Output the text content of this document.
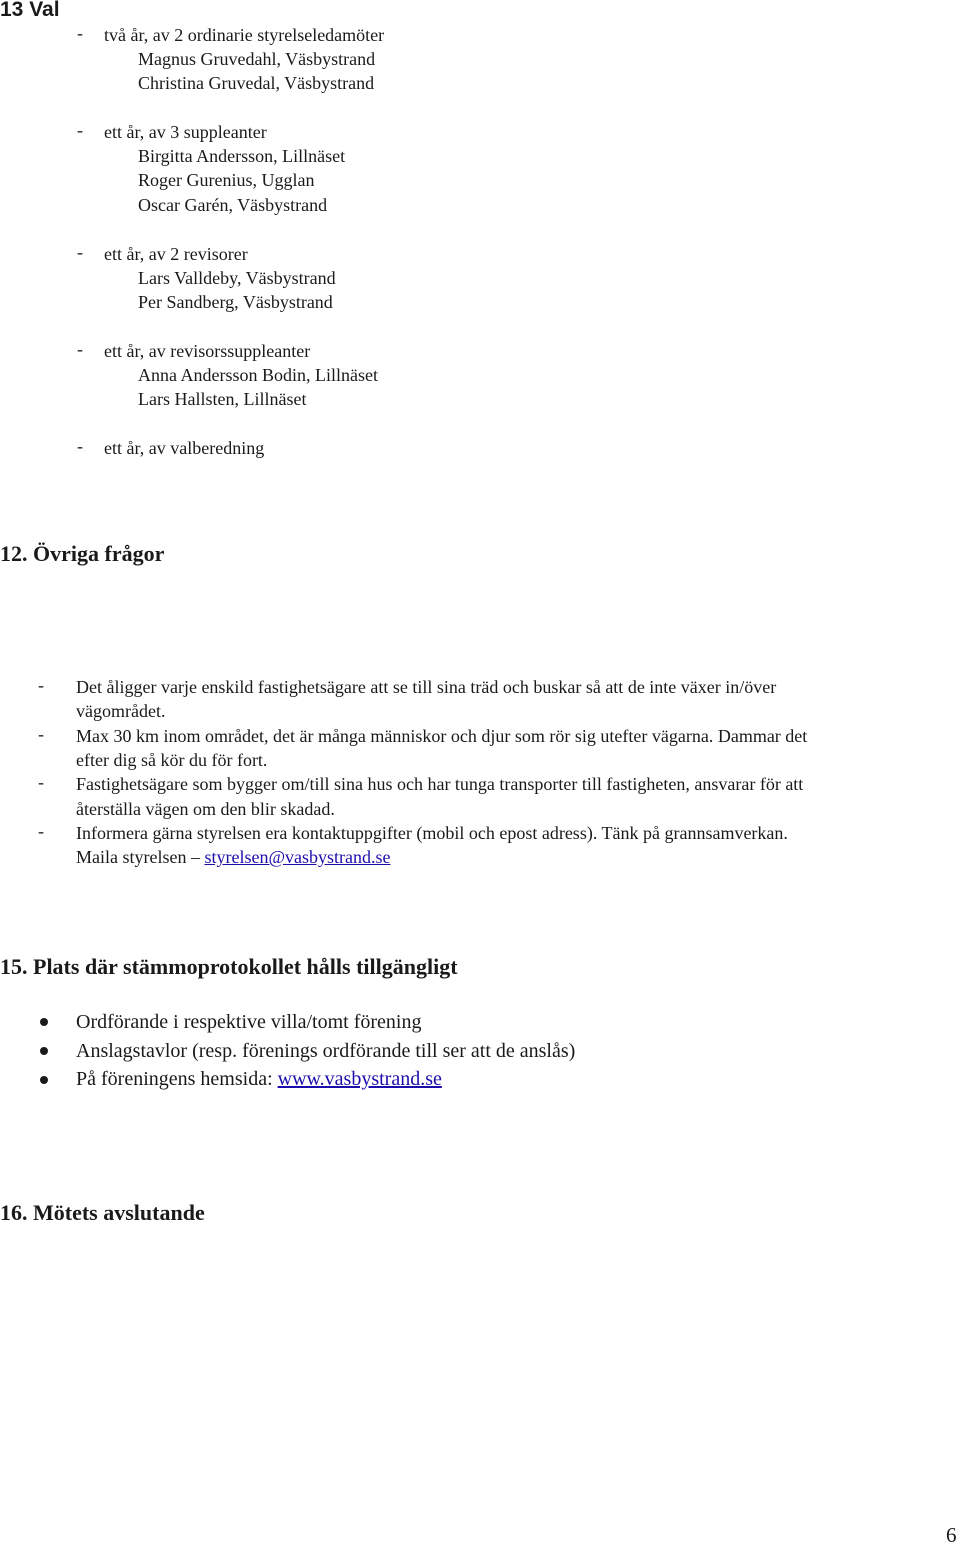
13 Val
- två år, av 2 ordinarie styrelseledamöter
Magnus Gruvedahl, Väsbystrand
Christina Gruvedal, Väsbystrand
- ett år, av 3 suppleanter
Birgitta Andersson, Lillnäset
Roger Gurenius, Ugglan
Oscar Garén, Väsbystrand
- ett år, av 2 revisorer
Lars Valldeby, Väsbystrand
Per Sandberg, Väsbystrand
- ett år, av revisorssuppleanter
Anna Andersson Bodin, Lillnäset
Lars Hallsten, Lillnäset
- ett år, av valberedning
12. Övriga frågor
- Det åligger varje enskild fastighetsägare att se till sina träd och buskar så att de inte växer in/över
vägområdet.
- Max 30 km inom området, det är många människor och djur som rör sig utefter vägarna. Dammar det
efter dig så kör du för fort.
- Fastighetsägare som bygger om/till sina hus och har tunga transporter till fastigheten, ansvarar för att
återställa vägen om den blir skadad.
- Informera gärna styrelsen era kontaktuppgifter (mobil och epost adress). Tänk på grannsamverkan.
Maila styrelsen – styrelsen@vasbystrand.se
15. Plats där stämmoprotokollet hålls tillgängligt
Ordförande i respektive villa/tomt förening
Anslagstavlor (resp. förenings ordförande till ser att de anslås)
På föreningens hemsida: www.vasbystrand.se
16. Mötets avslutande
6
